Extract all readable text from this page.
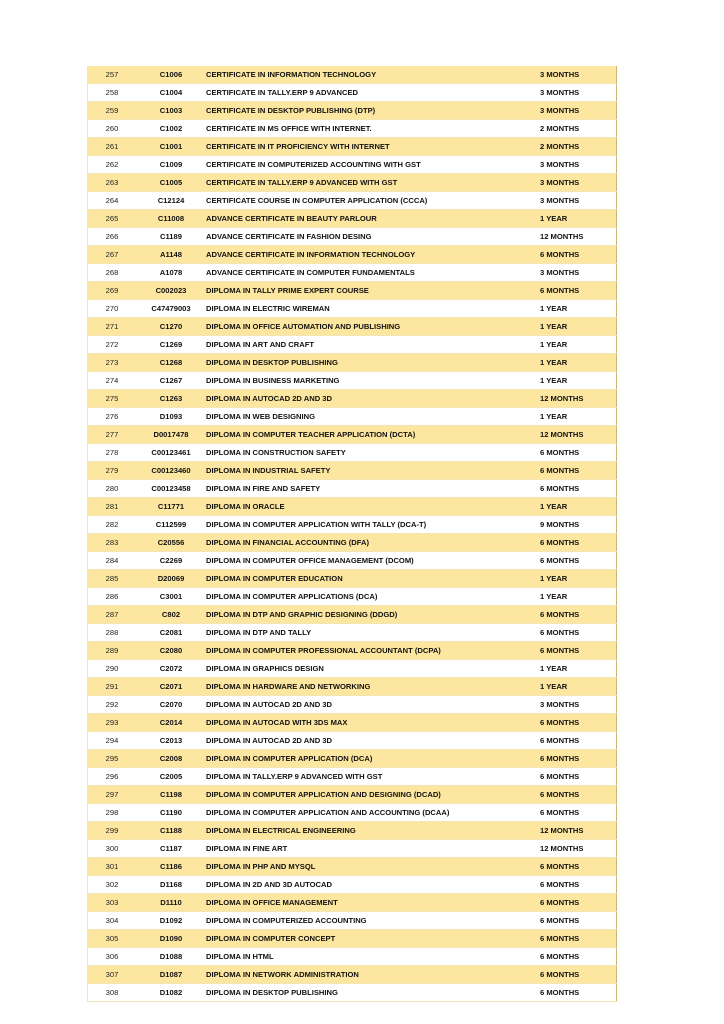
257	C1006	CERTIFICATE IN INFORMATION TECHNOLOGY	3 MONTHS
258	C1004	CERTIFICATE IN TALLY.ERP 9 ADVANCED	3 MONTHS
259	C1003	CERTIFICATE IN DESKTOP PUBLISHING (DTP)	3 MONTHS
260	C1002	CERTIFICATE IN MS OFFICE WITH INTERNET.	2 MONTHS
261	C1001	CERTIFICATE IN IT PROFICIENCY WITH INTERNET	2 MONTHS
262	C1009	CERTIFICATE IN COMPUTERIZED ACCOUNTING WITH GST	3 MONTHS
263	C1005	CERTIFICATE IN TALLY.ERP 9 ADVANCED WITH GST	3 MONTHS
264	C12124	CERTIFICATE COURSE IN COMPUTER APPLICATION (CCCA)	3 MONTHS
265	C11008	ADVANCE CERTIFICATE IN BEAUTY PARLOUR	1 YEAR
266	C1189	ADVANCE CERTIFICATE IN FASHION DESING	12 MONTHS
267	A1148	ADVANCE CERTIFICATE IN INFORMATION TECHNOLOGY	6 MONTHS
268	A1078	ADVANCE CERTIFICATE IN COMPUTER FUNDAMENTALS	3 MONTHS
269	C002023	DIPLOMA IN TALLY PRIME EXPERT COURSE	6 MONTHS
270	C47479003	DIPLOMA IN ELECTRIC WIREMAN	1 YEAR
271	C1270	DIPLOMA IN OFFICE AUTOMATION AND PUBLISHING	1 YEAR
272	C1269	DIPLOMA IN ART AND CRAFT	1 YEAR
273	C1268	DIPLOMA IN DESKTOP PUBLISHING	1 YEAR
274	C1267	DIPLOMA IN BUSINESS MARKETING	1 YEAR
275	C1263	DIPLOMA IN AUTOCAD 2D AND 3D	12 MONTHS
276	D1093	DIPLOMA IN WEB DESIGNING	1 YEAR
277	D0017478	DIPLOMA IN COMPUTER TEACHER APPLICATION (DCTA)	12 MONTHS
278	C00123461	DIPLOMA IN CONSTRUCTION SAFETY	6 MONTHS
279	C00123460	DIPLOMA IN INDUSTRIAL SAFETY	6 MONTHS
280	C00123458	DIPLOMA IN FIRE AND SAFETY	6 MONTHS
281	C11771	DIPLOMA IN ORACLE	1 YEAR
282	C112599	DIPLOMA IN COMPUTER APPLICATION WITH TALLY (DCA-T)	9 MONTHS
283	C20556	DIPLOMA IN FINANCIAL ACCOUNTING (DFA)	6 MONTHS
284	C2269	DIPLOMA IN COMPUTER OFFICE MANAGEMENT (DCOM)	6 MONTHS
285	D20069	DIPLOMA IN COMPUTER EDUCATION	1 YEAR
286	C3001	DIPLOMA IN COMPUTER APPLICATIONS (DCA)	1 YEAR
287	C802	DIPLOMA IN DTP AND GRAPHIC DESIGNING (DDGD)	6 MONTHS
288	C2081	DIPLOMA IN DTP AND TALLY	6 MONTHS
289	C2080	DIPLOMA IN COMPUTER PROFESSIONAL ACCOUNTANT (DCPA)	6 MONTHS
290	C2072	DIPLOMA IN GRAPHICS DESIGN	1 YEAR
291	C2071	DIPLOMA IN HARDWARE AND NETWORKING	1 YEAR
292	C2070	DIPLOMA IN AUTOCAD 2D AND 3D	3 MONTHS
293	C2014	DIPLOMA IN AUTOCAD WITH 3DS MAX	6 MONTHS
294	C2013	DIPLOMA IN AUTOCAD 2D AND 3D	6 MONTHS
295	C2008	DIPLOMA IN COMPUTER APPLICATION (DCA)	6 MONTHS
296	C2005	DIPLOMA IN TALLY.ERP 9 ADVANCED WITH GST	6 MONTHS
297	C1198	DIPLOMA IN COMPUTER APPLICATION AND DESIGNING (DCAD)	6 MONTHS
298	C1190	DIPLOMA IN COMPUTER APPLICATION AND ACCOUNTING (DCAA)	6 MONTHS
299	C1188	DIPLOMA IN ELECTRICAL ENGINEERING	12 MONTHS
300	C1187	DIPLOMA IN FINE ART	12 MONTHS
301	C1186	DIPLOMA IN PHP AND MYSQL	6 MONTHS
302	D1168	DIPLOMA IN 2D AND 3D AUTOCAD	6 MONTHS
303	D1110	DIPLOMA IN OFFICE MANAGEMENT	6 MONTHS
304	D1092	DIPLOMA IN COMPUTERIZED ACCOUNTING	6 MONTHS
305	D1090	DIPLOMA IN COMPUTER CONCEPT	6 MONTHS
306	D1088	DIPLOMA IN HTML	6 MONTHS
307	D1087	DIPLOMA IN NETWORK ADMINISTRATION	6 MONTHS
308	D1082	DIPLOMA IN DESKTOP PUBLISHING	6 MONTHS
